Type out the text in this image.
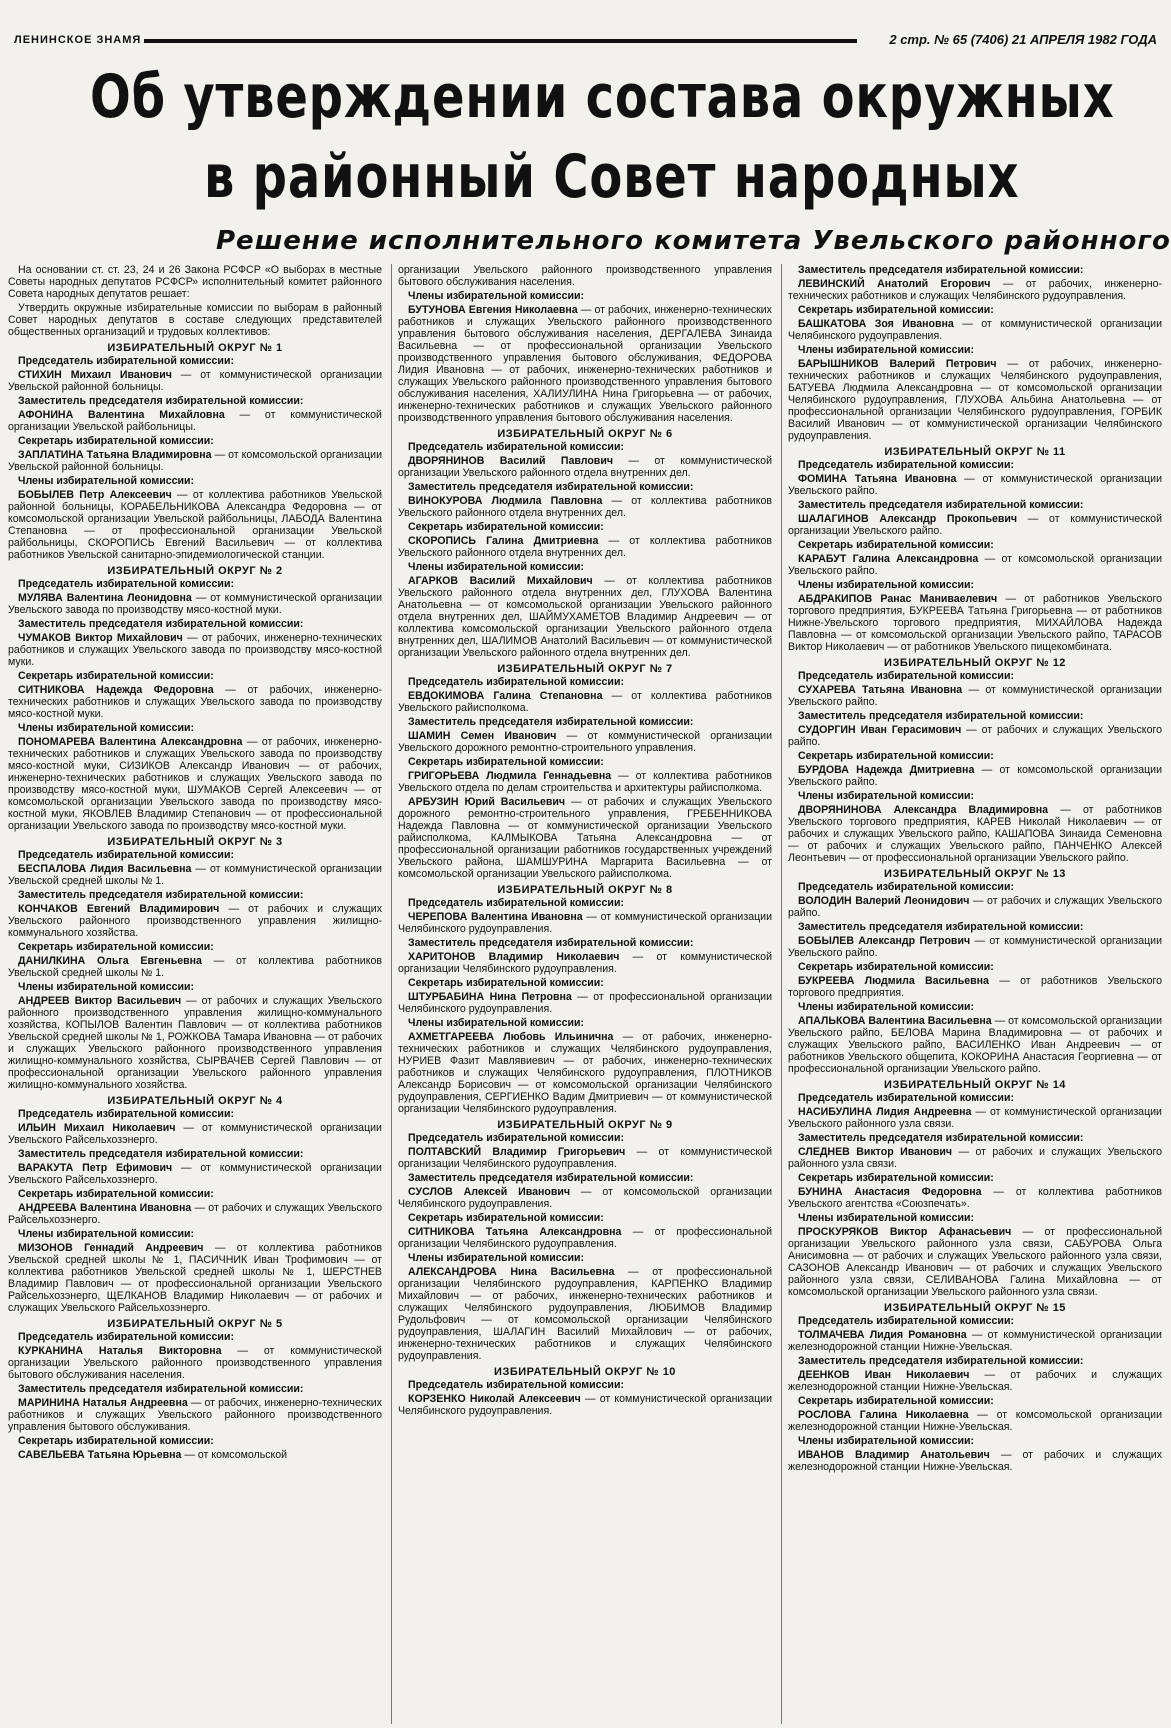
ЛЕНИНСКОЕ ЗНАМЯ	2 стр. № 65 (7406) 21 АПРЕЛЯ 1982 ГОДА
Об утверждении состава окружных
в районный Совет народных
Решение исполнительного комитета Увельского районного

На основании ст. ст. 23, 24 и 26 Закона РСФСР «О выборах в местные Советы народных депутатов РСФСР» исполнительный комитет районного Совета народных депутатов решает:

Утвердить окружные избирательные комиссии по выборам в районный Совет народных депутатов в составе следующих представителей общественных организаций и трудовых коллективов:

ИЗБИРАТЕЛЬНЫЙ ОКРУГ № 1

Председатель избирательной комиссии:

СТИХИН Михаил Иванович — от коммунистической организации Увельской районной больницы.

Заместитель председателя избирательной комиссии:

АФОНИНА Валентина Михайловна — от коммунистической организации Увельской райбольницы.

Секретарь избирательной комиссии:

ЗАПЛАТИНА Татьяна Владимировна — от комсомольской организации Увельской районной больницы.

Члены избирательной комиссии:

БОБЫЛЕВ Петр Алексеевич — от коллектива работников Увельской районной больницы, КОРАБЕЛЬНИКОВА Александра Федоровна — от комсомольской организации Увельской райбольницы, ЛАБОДА Валентина Степановна — от профессиональной организации Увельской райбольницы, СКОРОПИСЬ Евгений Васильевич — от коллектива работников Увельской санитарно-эпидемиологической станции.

ИЗБИРАТЕЛЬНЫЙ ОКРУГ № 2

Председатель избирательной комиссии:

МУЛЯВА Валентина Леонидовна — от коммунистической организации Увельского завода по производству мясо-костной муки.

Заместитель председателя избирательной комиссии:

ЧУМАКОВ Виктор Михайлович — от рабочих, инженерно-технических работников и служащих Увельского завода по производству мясо-костной муки.

Секретарь избирательной комиссии:

СИТНИКОВА Надежда Федоровна — от рабочих, инженерно-технических работников и служащих Увельского завода по производству мясо-костной муки.

Члены избирательной комиссии:

ПОНОМАРЕВА Валентина Александровна — от рабочих, инженерно-технических работников и служащих Увельского завода по производству мясо-костной муки, СИЗИКОВ Александр Иванович — от рабочих, инженерно-технических работников и служащих Увельского завода по производству мясо-костной муки, ШУМАКОВ Сергей Алексеевич — от комсомольской организации Увельского завода по производству мясо-костной муки, ЯКОВЛЕВ Владимир Степанович — от профессиональной организации Увельского завода по производству мясо-костной муки.

ИЗБИРАТЕЛЬНЫЙ ОКРУГ № 3

Председатель избирательной комиссии:

БЕСПАЛОВА Лидия Васильевна — от коммунистической организации Увельской средней школы № 1.

Заместитель председателя избирательной комиссии:

КОНЧАКОВ Евгений Владимирович — от рабочих и служащих Увельского районного производственного управления жилищно-коммунального хозяйства.

Секретарь избирательной комиссии:

ДАНИЛКИНА Ольга Евгеньевна — от коллектива работников Увельской средней школы № 1.

Члены избирательной комиссии:

АНДРЕЕВ Виктор Васильевич — от рабочих и служащих Увельского районного производственного управления жилищно-коммунального хозяйства, КОПЫЛОВ Валентин Павлович — от коллектива работников Увельской средней школы № 1, РОЖКОВА Тамара Ивановна — от рабочих и служащих Увельского районного производственного управления жилищно-коммунального хозяйства, СЫРВАЧЕВ Сергей Павлович — от профессиональной организации Увельского районного управления жилищно-коммунального хозяйства.

ИЗБИРАТЕЛЬНЫЙ ОКРУГ № 4

Председатель избирательной комиссии:

ИЛЬИН Михаил Николаевич — от коммунистической организации Увельского Райсельхозэнерго.

Заместитель председателя избирательной комиссии:

ВАРАКУТА Петр Ефимович — от коммунистической организации Увельского Райсельхозэнерго.

Секретарь избирательной комиссии:

АНДРЕЕВА Валентина Ивановна — от рабочих и служащих Увельского Райсельхозэнерго.

Члены избирательной комиссии:

МИЗОНОВ Геннадий Андреевич — от коллектива работников Увельской средней школы № 1, ПАСИЧНИК Иван Трофимович — от коллектива работников Увельской средней школы № 1, ШЕРСТНЕВ Владимир Павлович — от профессиональной организации Увельского Райсельхозэнерго, ЩЕЛКАНОВ Владимир Николаевич — от рабочих и служащих Увельского Райсельхозэнерго.

ИЗБИРАТЕЛЬНЫЙ ОКРУГ № 5

Председатель избирательной комиссии:

КУРКАНИНА Наталья Викторовна — от коммунистической организации Увельского районного производственного управления бытового обслуживания населения.

Заместитель председателя избирательной комиссии:

МАРИНИНА Наталья Андреевна — от рабочих, инженерно-технических работников и служащих Увельского районного производственного управления бытового обслуживания.

Секретарь избирательной комиссии:

САВЕЛЬЕВА Татьяна Юрьевна — от комсомольской

организации Увельского районного производственного управления бытового обслуживания населения.

Члены избирательной комиссии:

БУТУНОВА Евгения Николаевна — от рабочих, инженерно-технических работников и служащих Увельского районного производственного управления бытового обслуживания населения, ДЕРГАЛЕВА Зинаида Васильевна — от профессиональной организации Увельского производственного управления бытового обслуживания, ФЕДОРОВА Лидия Ивановна — от рабочих, инженерно-технических работников и служащих Увельского районного производственного управления бытового обслуживания населения, ХАЛИУЛИНА Нина Григорьевна — от рабочих, инженерно-технических работников и служащих Увельского районного производственного управления бытового обслуживания населения.

ИЗБИРАТЕЛЬНЫЙ ОКРУГ № 6

Председатель избирательной комиссии:

ДВОРЯНИНОВ Василий Павлович — от коммунистической организации Увельского районного отдела внутренних дел.

Заместитель председателя избирательной комиссии:

ВИНОКУРОВА Людмила Павловна — от коллектива работников Увельского районного отдела внутренних дел.

Секретарь избирательной комиссии:

СКОРОПИСЬ Галина Дмитриевна — от коллектива работников Увельского районного отдела внутренних дел.

Члены избирательной комиссии:

АГАРКОВ Василий Михайлович — от коллектива работников Увельского районного отдела внутренних дел, ГЛУХОВА Валентина Анатольевна — от комсомольской организации Увельского районного отдела внутренних дел, ШАЙМУХАМЕТОВ Владимир Андреевич — от коллектива комсомольской организации Увельского районного отдела внутренних дел, ШАЛИМОВ Анатолий Васильевич — от коммунистической организации Увельского районного отдела внутренних дел.

ИЗБИРАТЕЛЬНЫЙ ОКРУГ № 7

Председатель избирательной комиссии:

ЕВДОКИМОВА Галина Степановна — от коллектива работников Увельского райисполкома.

Заместитель председателя избирательной комиссии:

ШАМИН Семен Иванович — от коммунистической организации Увельского дорожного ремонтно-строительного управления.

Секретарь избирательной комиссии:

ГРИГОРЬЕВА Людмила Геннадьевна — от коллектива работников Увельского отдела по делам строительства и архитектуры райисполкома.

АРБУЗИН Юрий Васильевич — от рабочих и служащих Увельского дорожного ремонтно-строительного управления, ГРЕБЕННИКОВА Надежда Павловна — от коммунистической организации Увельского райисполкома, КАЛМЫКОВА Татьяна Александровна — от профессиональной организации работников государственных учреждений Увельского района, ШАМШУРИНА Маргарита Васильевна — от комсомольской организации Увельского райисполкома.

ИЗБИРАТЕЛЬНЫЙ ОКРУГ № 8

Председатель избирательной комиссии:

ЧЕРЕПОВА Валентина Ивановна — от коммунистической организации Челябинского рудоуправления.

Заместитель председателя избирательной комиссии:

ХАРИТОНОВ Владимир Николаевич — от коммунистической организации Челябинского рудоуправления.

Секретарь избирательной комиссии:

ШТУРБАБИНА Нина Петровна — от профессиональной организации Челябинского рудоуправления.

Члены избирательной комиссии:

АХМЕТГАРЕЕВА Любовь Ильинична — от рабочих, инженерно-технических работников и служащих Челябинского рудоуправления, НУРИЕВ Фазит Мавлявиевич — от рабочих, инженерно-технических работников и служащих Челябинского рудоуправления, ПЛОТНИКОВ Александр Борисович — от комсомольской организации Челябинского рудоуправления, СЕРГИЕНКО Вадим Дмитриевич — от коммунистической организации Челябинского рудоуправления.

ИЗБИРАТЕЛЬНЫЙ ОКРУГ № 9

Председатель избирательной комиссии:

ПОЛТАВСКИЙ Владимир Григорьевич — от коммунистической организации Челябинского рудоуправления.

Заместитель председателя избирательной комиссии:

СУСЛОВ Алексей Иванович — от комсомольской организации Челябинского рудоуправления.

Секретарь избирательной комиссии:

СИТНИКОВА Татьяна Александровна — от профессиональной организации Челябинского рудоуправления.

Члены избирательной комиссии:

АЛЕКСАНДРОВА Нина Васильевна — от профессиональной организации Челябинского рудоуправления, КАРПЕНКО Владимир Михайлович — от рабочих, инженерно-технических работников и служащих Челябинского рудоуправления, ЛЮБИМОВ Владимир Рудольфович — от комсомольской организации Челябинского рудоуправления, ШАЛАГИН Василий Михайлович — от рабочих, инженерно-технических работников и служащих Челябинского рудоуправления.

ИЗБИРАТЕЛЬНЫЙ ОКРУГ № 10

Председатель избирательной комиссии:

КОРЗЕНКО Николай Алексеевич — от коммунистической организации Челябинского рудоуправления.

Заместитель председателя избирательной комиссии:

ЛЕВИНСКИЙ Анатолий Егорович — от рабочих, инженерно-технических работников и служащих Челябинского рудоуправления.

Секретарь избирательной комиссии:

БАШКАТОВА Зоя Ивановна — от коммунистической организации Челябинского рудоуправления.

Члены избирательной комиссии:

БАРЫШНИКОВ Валерий Петрович — от рабочих, инженерно-технических работников и служащих Челябинского рудоуправления, БАТУЕВА Людмила Александровна — от комсомольской организации Челябинского рудоуправления, ГЛУХОВА Альбина Анатольевна — от профессиональной организации Челябинского рудоуправления, ГОРБИК Василий Иванович — от коммунистической организации Челябинского рудоуправления.

ИЗБИРАТЕЛЬНЫЙ ОКРУГ № 11

Председатель избирательной комиссии:

ФОМИНА Татьяна Ивановна — от коммунистической организации Увельского райпо.

Заместитель председателя избирательной комиссии:

ШАЛАГИНОВ Александр Прокопьевич — от коммунистической организации Увельского райпо.

Секретарь избирательной комиссии:

КАРАБУТ Галина Александровна — от комсомольской организации Увельского райпо.

Члены избирательной комиссии:

АБДРАКИПОВ Ранас Маниваелевич — от работников Увельского торгового предприятия, БУКРЕЕВА Татьяна Григорьевна — от работников Нижне-Увельского торгового предприятия, МИХАЙЛОВА Надежда Павловна — от комсомольской организации Увельского райпо, ТАРАСОВ Виктор Николаевич — от работников Увельского пищекомбината.

ИЗБИРАТЕЛЬНЫЙ ОКРУГ № 12

Председатель избирательной комиссии:

СУХАРЕВА Татьяна Ивановна — от коммунистической организации Увельского райпо.

Заместитель председателя избирательной комиссии:

СУДОРГИН Иван Герасимович — от рабочих и служащих Увельского райпо.

Секретарь избирательной комиссии:

БУРДОВА Надежда Дмитриевна — от комсомольской организации Увельского райпо.

Члены избирательной комиссии:

ДВОРЯНИНОВА Александра Владимировна — от работников Увельского торгового предприятия, КАРЕВ Николай Николаевич — от рабочих и служащих Увельского райпо, КАШАПОВА Зинаида Семеновна — от рабочих и служащих Увельского райпо, ПАНЧЕНКО Алексей Леонтьевич — от профессиональной организации Увельского райпо.

ИЗБИРАТЕЛЬНЫЙ ОКРУГ № 13

Председатель избирательной комиссии:

ВОЛОДИН Валерий Леонидович — от рабочих и служащих Увельского райпо.

Заместитель председателя избирательной комиссии:

БОБЫЛЕВ Александр Петрович — от коммунистической организации Увельского райпо.

Секретарь избирательной комиссии:

БУКРЕЕВА Людмила Васильевна — от работников Увельского торгового предприятия.

Члены избирательной комиссии:

АПАЛЬКОВА Валентина Васильевна — от комсомольской организации Увельского райпо, БЕЛОВА Марина Владимировна — от рабочих и служащих Увельского райпо, ВАСИЛЕНКО Иван Андреевич — от работников Увельского общепита, КОКОРИНА Анастасия Георгиевна — от профессиональной организации Увельского райпо.

ИЗБИРАТЕЛЬНЫЙ ОКРУГ № 14

Председатель избирательной комиссии:

НАСИБУЛИНА Лидия Андреевна — от коммунистической организации Увельского районного узла связи.

Заместитель председателя избирательной комиссии:

СЛЕДНЕВ Виктор Иванович — от рабочих и служащих Увельского районного узла связи.

Секретарь избирательной комиссии:

БУНИНА Анастасия Федоровна — от коллектива работников Увельского агентства «Союзпечать».

Члены избирательной комиссии:

ПРОСКУРЯКОВ Виктор Афанасьевич — от профессиональной организации Увельского районного узла связи, САБУРОВА Ольга Анисимовна — от рабочих и служащих Увельского районного узла связи, САЗОНОВ Александр Иванович — от рабочих и служащих Увельского районного узла связи, СЕЛИВАНОВА Галина Михайловна — от комсомольской организации Увельского районного узла связи.

ИЗБИРАТЕЛЬНЫЙ ОКРУГ № 15

Председатель избирательной комиссии:

ТОЛМАЧЕВА Лидия Романовна — от коммунистической организации железнодорожной станции Нижне-Увельская.

Заместитель председателя избирательной комиссии:

ДЕЕНКОВ Иван Николаевич — от рабочих и служащих железнодорожной станции Нижне-Увельская.

Секретарь избирательной комиссии:

РОСЛОВА Галина Николаевна — от комсомольской организации железнодорожной станции Нижне-Увельская.

Члены избирательной комиссии:

ИВАНОВ Владимир Анатольевич — от рабочих и служащих железнодорожной станции Нижне-Увельская.
